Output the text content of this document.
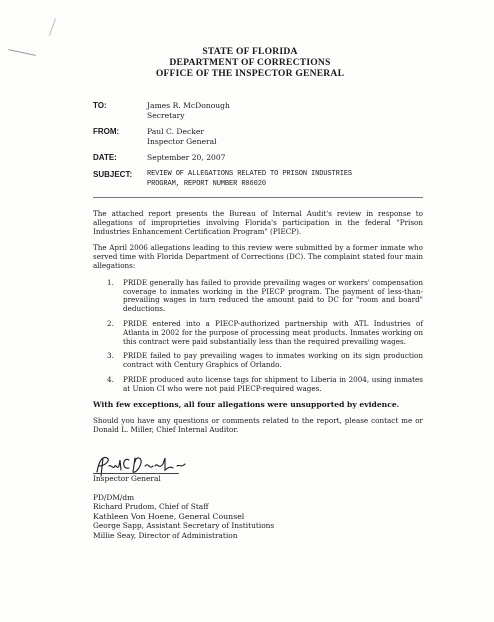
STATE OF FLORIDA
DEPARTMENT OF CORRECTIONS
OFFICE OF THE INSPECTOR GENERAL
TO:	James R. McDonough
Secretary
FROM:	Paul C. Decker
Inspector General
DATE:	September 20, 2007
SUBJECT:	REVIEW OF ALLEGATIONS RELATED TO PRISON INDUSTRIES
PROGRAM, REPORT NUMBER R06020

The attached report presents the Bureau of Internal Audit's review in response to allegations of improprieties involving Florida's participation in the federal "Prison Industries Enhancement Certification Program" (PIECP).

The April 2006 allegations leading to this review were submitted by a former inmate who served time with Florida Department of Corrections (DC). The complaint stated four main allegations:

1. PRIDE generally has failed to provide prevailing wages or workers' compensation coverage to inmates working in the PIECP program. The payment of less-than-prevailing wages in turn reduced the amount paid to DC for "room and board" deductions.
2. PRIDE entered into a PIECP-authorized partnership with ATL Industries of Atlanta in 2002 for the purpose of processing meat products. Inmates working on this contract were paid substantially less than the required prevailing wages.
3. PRIDE failed to pay prevailing wages to inmates working on its sign production contract with Century Graphics of Orlando.
4. PRIDE produced auto license tags for shipment to Liberia in 2004, using inmates at Union CI who were not paid PIECP-required wages.

With few exceptions, all four allegations were unsupported by evidence.

Should you have any questions or comments related to the report, please contact me or Donald L. Miller, Chief Internal Auditor.

Inspector General
PD/DM/dm
Richard Prudom, Chief of Staff
Kathleen Von Hoene, General Counsel
George Sapp, Assistant Secretary of Institutions
Millie Seay, Director of Administration
